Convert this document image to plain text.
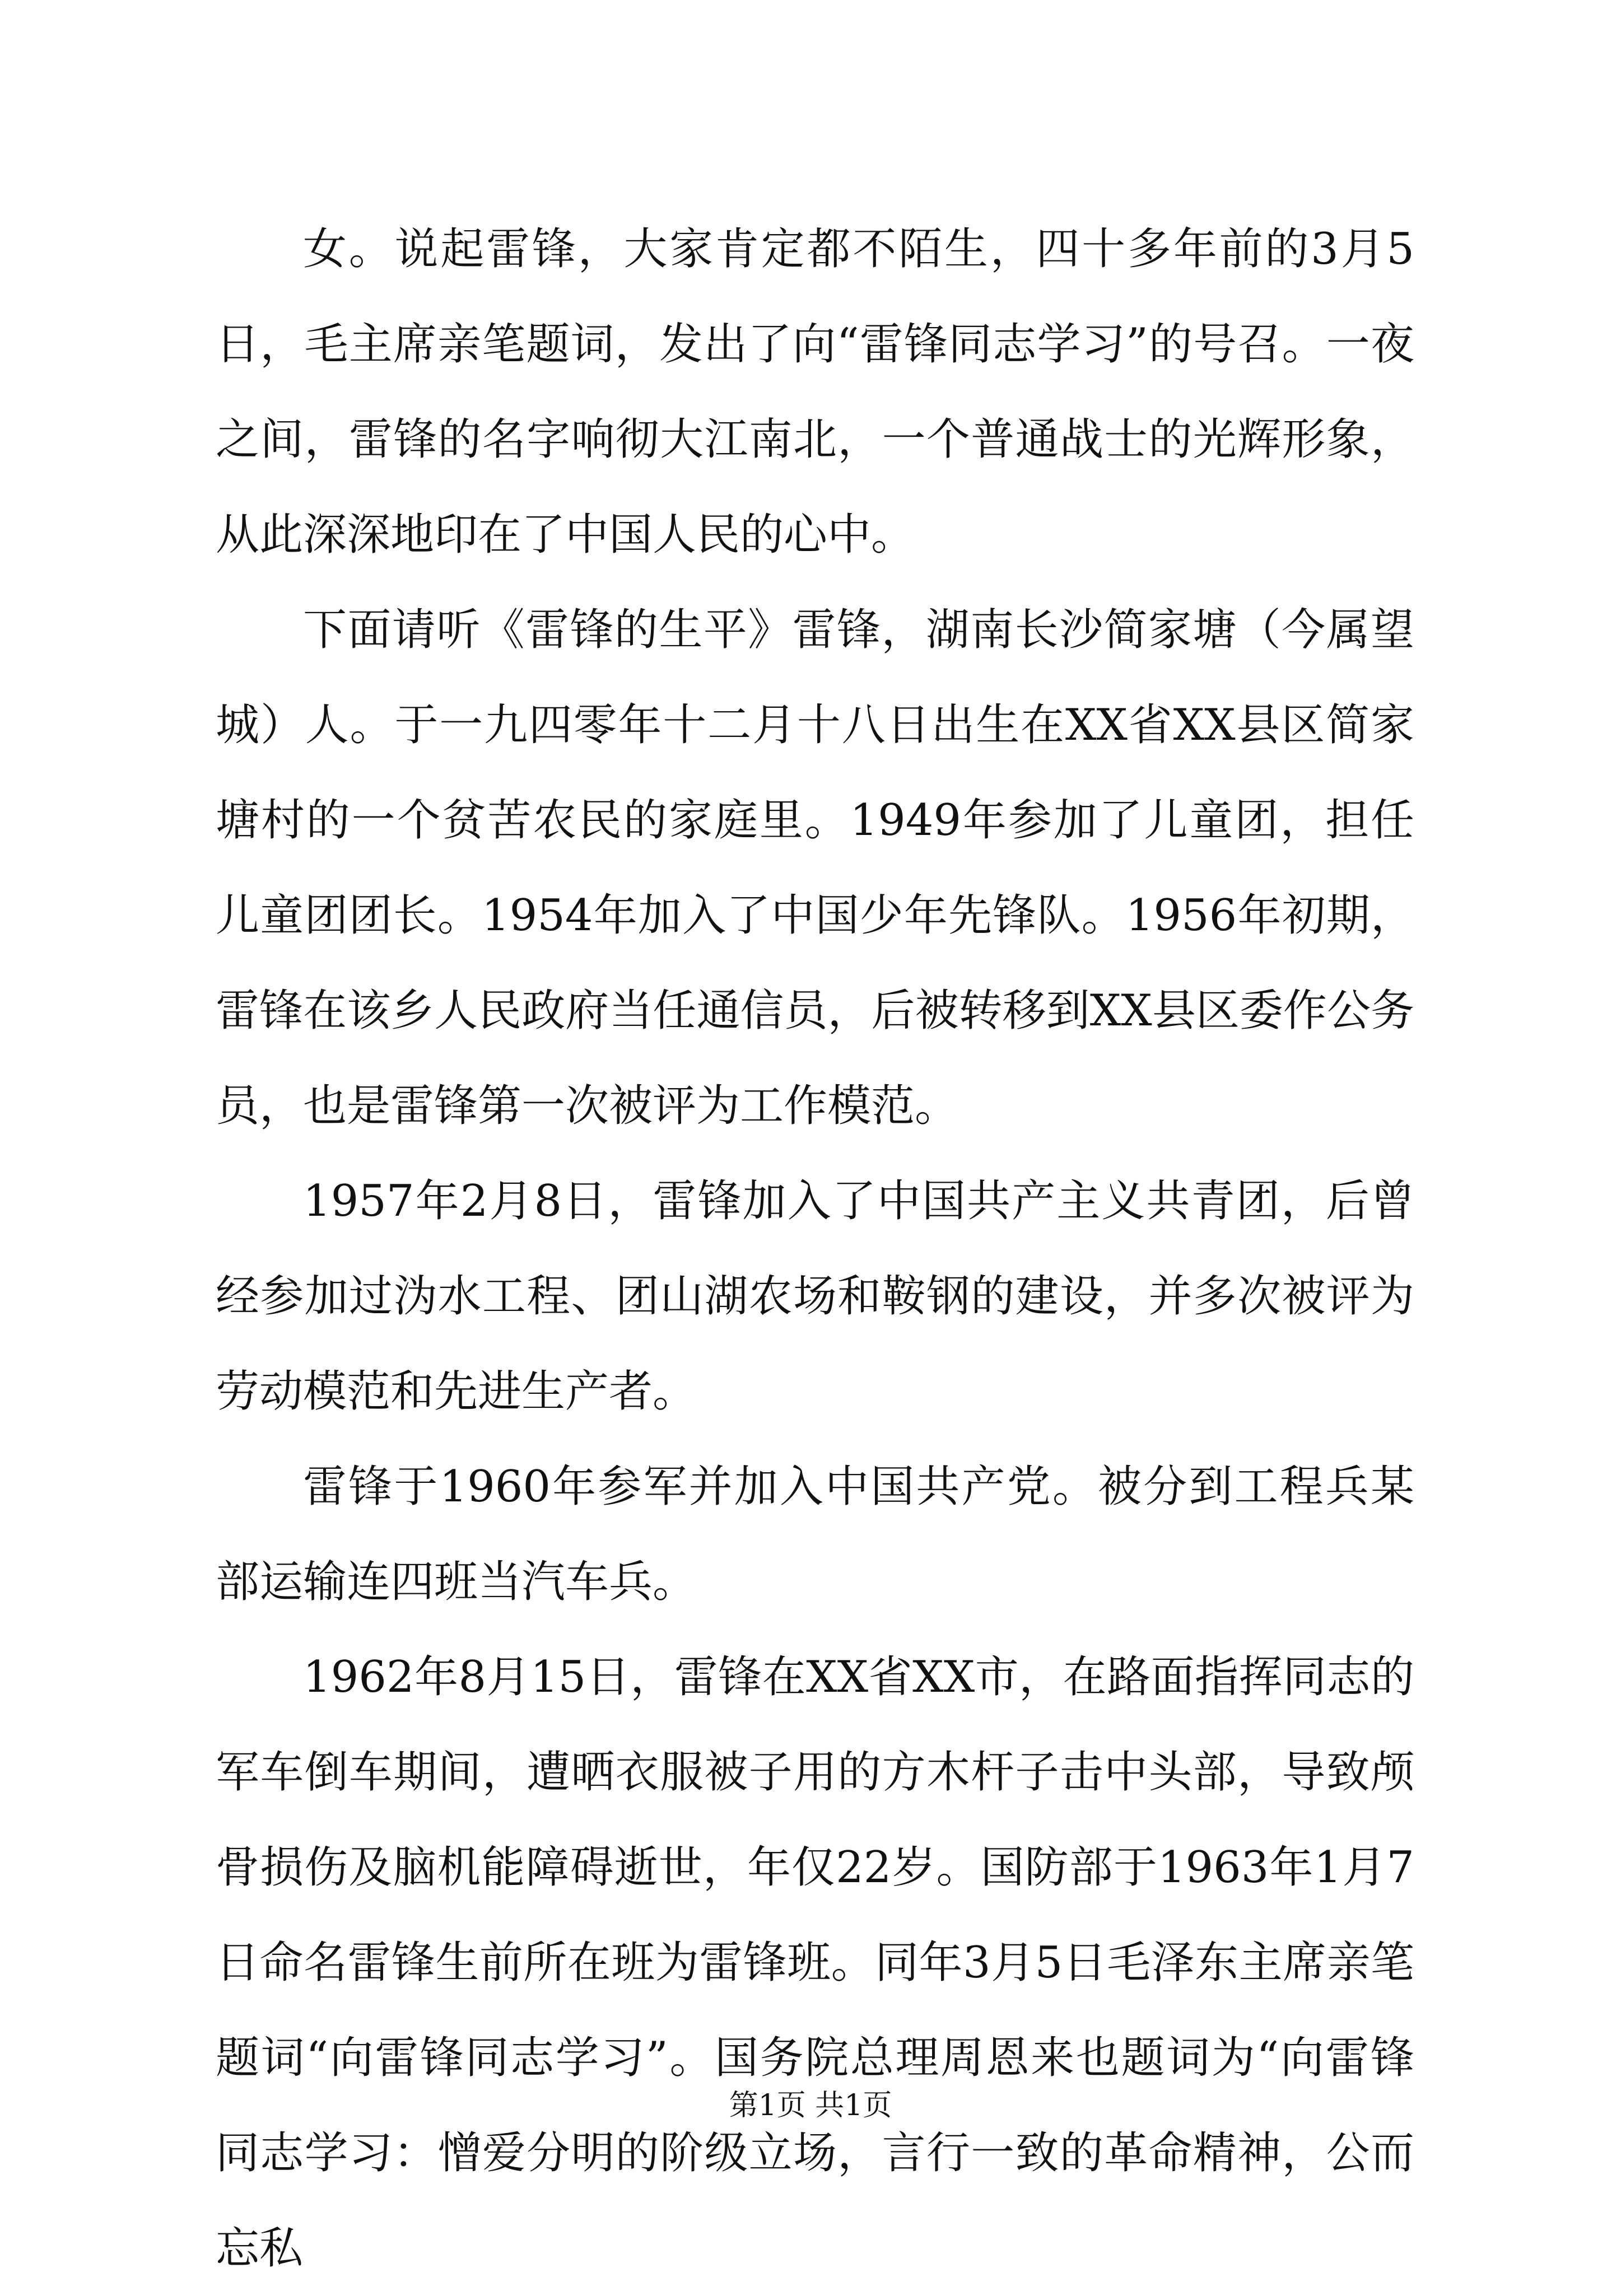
女。说起雷锋，大家肯定都不陌生，四十多年前的3月5日，毛主席亲笔题词，发出了向“雷锋同志学习”的号召。一夜之间，雷锋的名字响彻大江南北，一个普通战士的光辉形象，从此深深地印在了中国人民的心中。

下面请听《雷锋的生平》雷锋，湖南长沙简家塘（今属望城）人。于一九四零年十二月十八日出生在XX省XX县区简家塘村的一个贫苦农民的家庭里。1949年参加了儿童团，担任儿童团团长。1954年加入了中国少年先锋队。1956年初期，雷锋在该乡人民政府当任通信员，后被转移到XX县区委作公务员，也是雷锋第一次被评为工作模范。

1957年2月8日，雷锋加入了中国共产主义共青团，后曾经参加过沩水工程、团山湖农场和鞍钢的建设，并多次被评为劳动模范和先进生产者。

雷锋于1960年参军并加入中国共产党。被分到工程兵某部运输连四班当汽车兵。

1962年8月15日，雷锋在XX省XX市，在路面指挥同志的军车倒车期间，遭晒衣服被子用的方木杆子击中头部，导致颅骨损伤及脑机能障碍逝世，年仅22岁。国防部于1963年1月7日命名雷锋生前所在班为雷锋班。同年3月5日毛泽东主席亲笔题词“向雷锋同志学习”。国务院总理周恩来也题词为“向雷锋同志学习：憎爱分明的阶级立场，言行一致的革命精神，公而忘私

第1页 共1页
